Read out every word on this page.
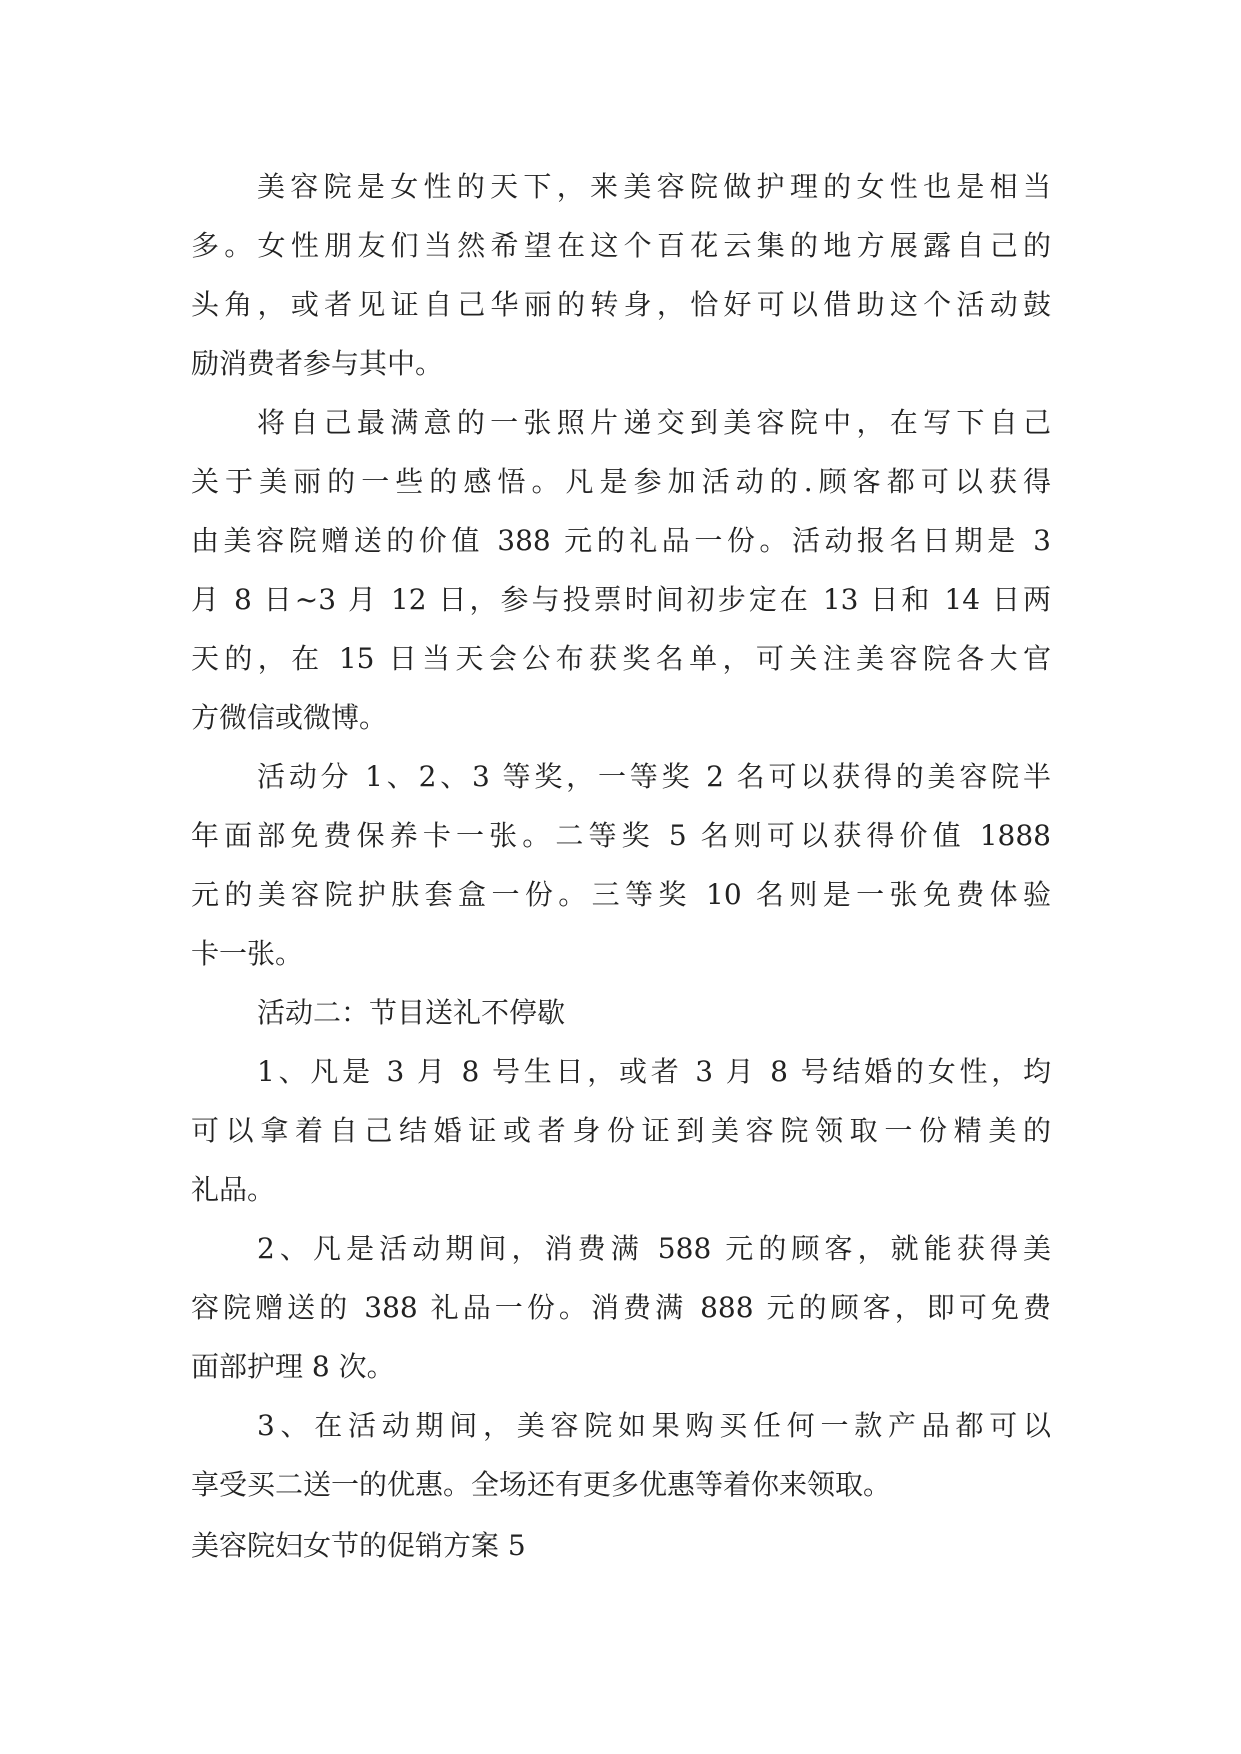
美容院是女性的天下，来美容院做护理的女性也是相当
多。女性朋友们当然希望在这个百花云集的地方展露自己的
头角，或者见证自己华丽的转身，恰好可以借助这个活动鼓
励消费者参与其中。
将自己最满意的一张照片递交到美容院中，在写下自己
关于美丽的一些的感悟。凡是参加活动的.顾客都可以获得
由美容院赠送的价值 388 元的礼品一份。活动报名日期是 3
月 8 日~3 月 12 日，参与投票时间初步定在 13 日和 14 日两
天的，在 15 日当天会公布获奖名单，可关注美容院各大官
方微信或微博。
活动分 1、2、3 等奖，一等奖 2 名可以获得的美容院半
年面部免费保养卡一张。二等奖 5 名则可以获得价值 1888
元的美容院护肤套盒一份。三等奖 10 名则是一张免费体验
卡一张。
活动二：节目送礼不停歇
1、凡是 3 月 8 号生日，或者 3 月 8 号结婚的女性，均
可以拿着自己结婚证或者身份证到美容院领取一份精美的
礼品。
2、凡是活动期间，消费满 588 元的顾客，就能获得美
容院赠送的 388 礼品一份。消费满 888 元的顾客，即可免费
面部护理 8 次。
3、在活动期间，美容院如果购买任何一款产品都可以
享受买二送一的优惠。全场还有更多优惠等着你来领取。
美容院妇女节的促销方案 5
